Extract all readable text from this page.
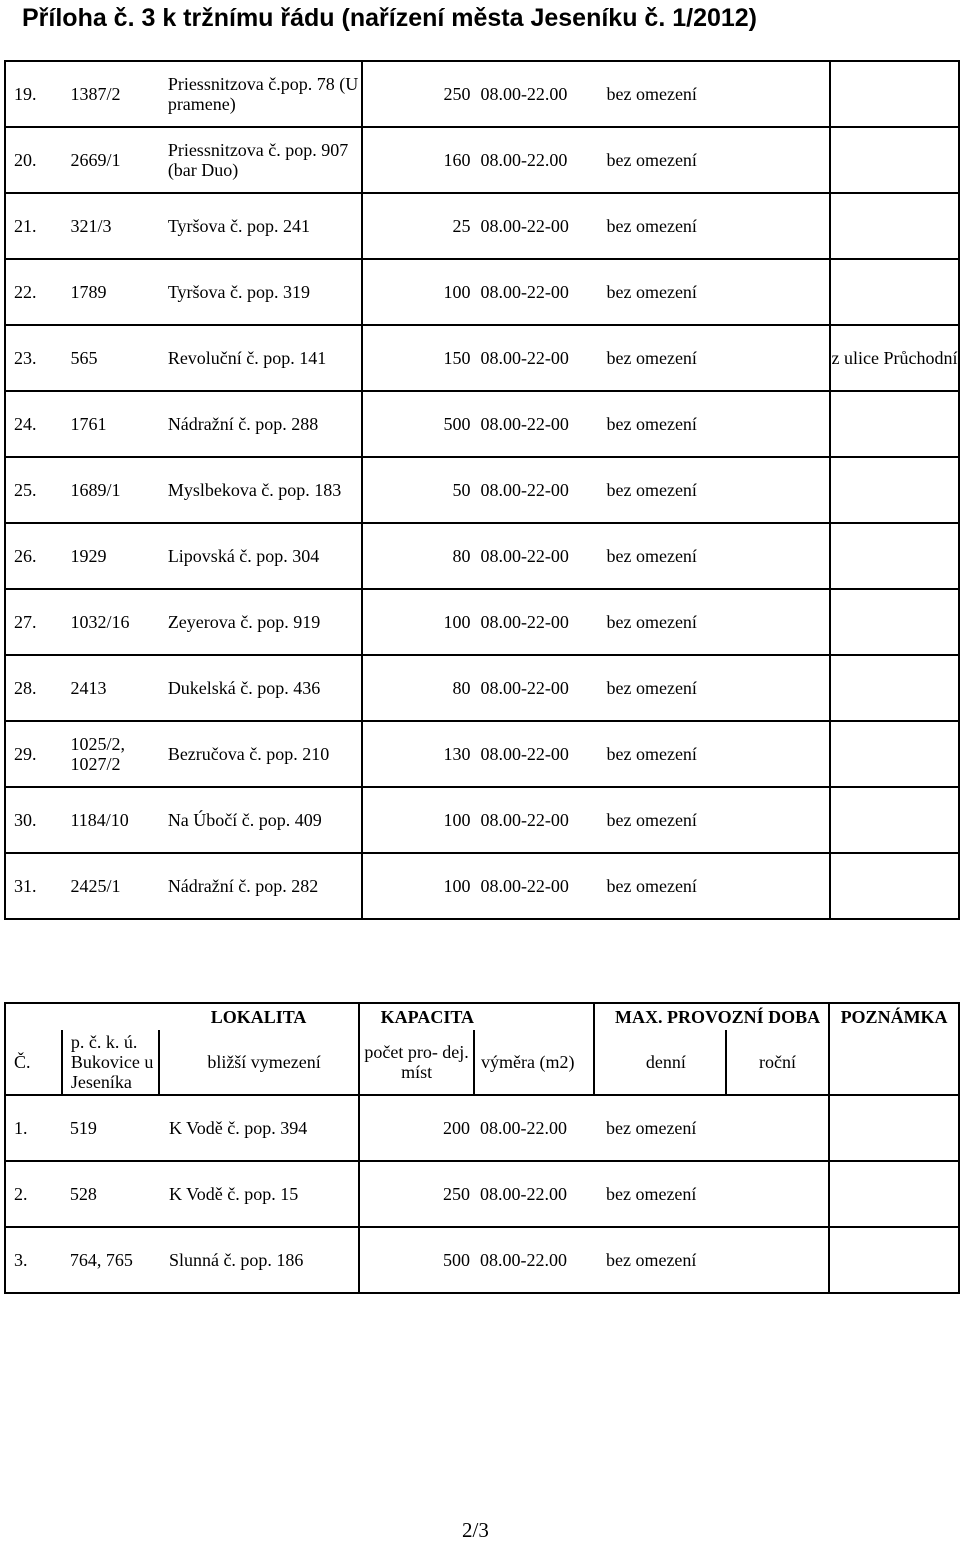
Příloha č. 3 k tržnímu řádu (nařízení města Jeseníku č. 1/2012)
19.	1387/2	Priessnitzova č.pop. 78 (U pramene)	250	08.00-22.00	bez omezení		
20.	2669/1	Priessnitzova č. pop. 907 (bar Duo)	160	08.00-22.00	bez omezení		
21.	321/3	Tyršova č. pop. 241	25	08.00-22-00	bez omezení		
22.	1789	Tyršova č. pop. 319	100	08.00-22-00	bez omezení		
23.	565	Revoluční č. pop. 141	150	08.00-22-00	bez omezení		z ulice Průchodní
24.	1761	Nádražní č. pop. 288	500	08.00-22-00	bez omezení		
25.	1689/1	Myslbekova č. pop. 183	50	08.00-22-00	bez omezení		
26.	1929	Lipovská č. pop. 304	80	08.00-22-00	bez omezení		
27.	1032/16	Zeyerova č. pop. 919	100	08.00-22-00	bez omezení		
28.	2413	Dukelská č. pop. 436	80	08.00-22-00	bez omezení		
29.	1025/2, 1027/2	Bezručova č. pop. 210	130	08.00-22-00	bez omezení		
30.	1184/10	Na Úbočí č. pop. 409	100	08.00-22-00	bez omezení		
31.	2425/1	Nádražní č. pop. 282	100	08.00-22-00	bez omezení		
		LOKALITA	KAPACITA		MAX. PROVOZNÍ DOBA		POZNÁMKA
Č.	p. č. k. ú. Bukovice u Jeseníka	bližší vymezení	počet pro- dej. míst	výměra (m2)	denní	roční	
1.	519	K Vodě č. pop. 394	200	08.00-22.00	bez omezení		
2.	528	K Vodě č. pop. 15	250	08.00-22.00	bez omezení		
3.	764, 765	Slunná č. pop. 186	500	08.00-22.00	bez omezení		
2/3
